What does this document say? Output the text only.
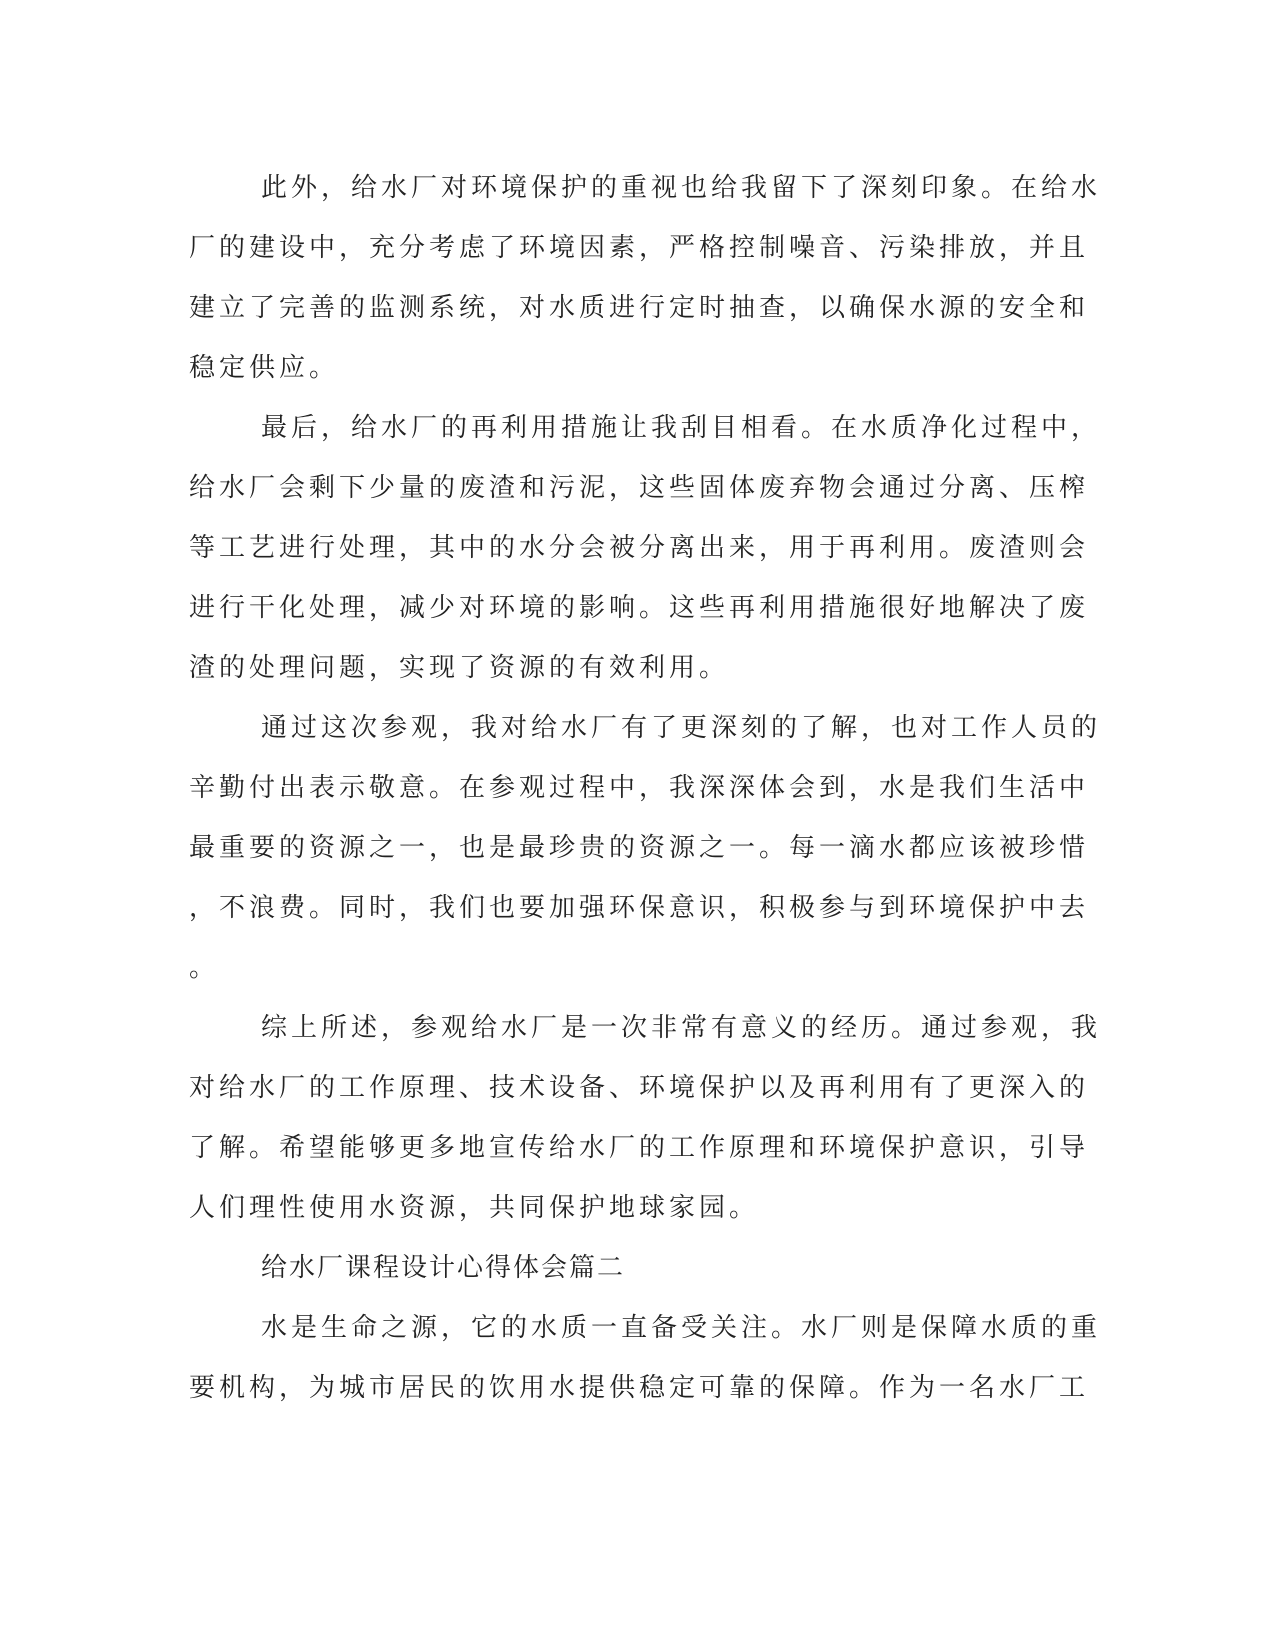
此外，给水厂对环境保护的重视也给我留下了深刻印象。在给水
厂的建设中，充分考虑了环境因素，严格控制噪音、污染排放，并且
建立了完善的监测系统，对水质进行定时抽查，以确保水源的安全和
稳定供应。
最后，给水厂的再利用措施让我刮目相看。在水质净化过程中，
给水厂会剩下少量的废渣和污泥，这些固体废弃物会通过分离、压榨
等工艺进行处理，其中的水分会被分离出来，用于再利用。废渣则会
进行干化处理，减少对环境的影响。这些再利用措施很好地解决了废
渣的处理问题，实现了资源的有效利用。
通过这次参观，我对给水厂有了更深刻的了解，也对工作人员的
辛勤付出表示敬意。在参观过程中，我深深体会到，水是我们生活中
最重要的资源之一，也是最珍贵的资源之一。每一滴水都应该被珍惜
，不浪费。同时，我们也要加强环保意识，积极参与到环境保护中去
。
综上所述，参观给水厂是一次非常有意义的经历。通过参观，我
对给水厂的工作原理、技术设备、环境保护以及再利用有了更深入的
了解。希望能够更多地宣传给水厂的工作原理和环境保护意识，引导
人们理性使用水资源，共同保护地球家园。
给水厂课程设计心得体会篇二
水是生命之源，它的水质一直备受关注。水厂则是保障水质的重
要机构，为城市居民的饮用水提供稳定可靠的保障。作为一名水厂工
